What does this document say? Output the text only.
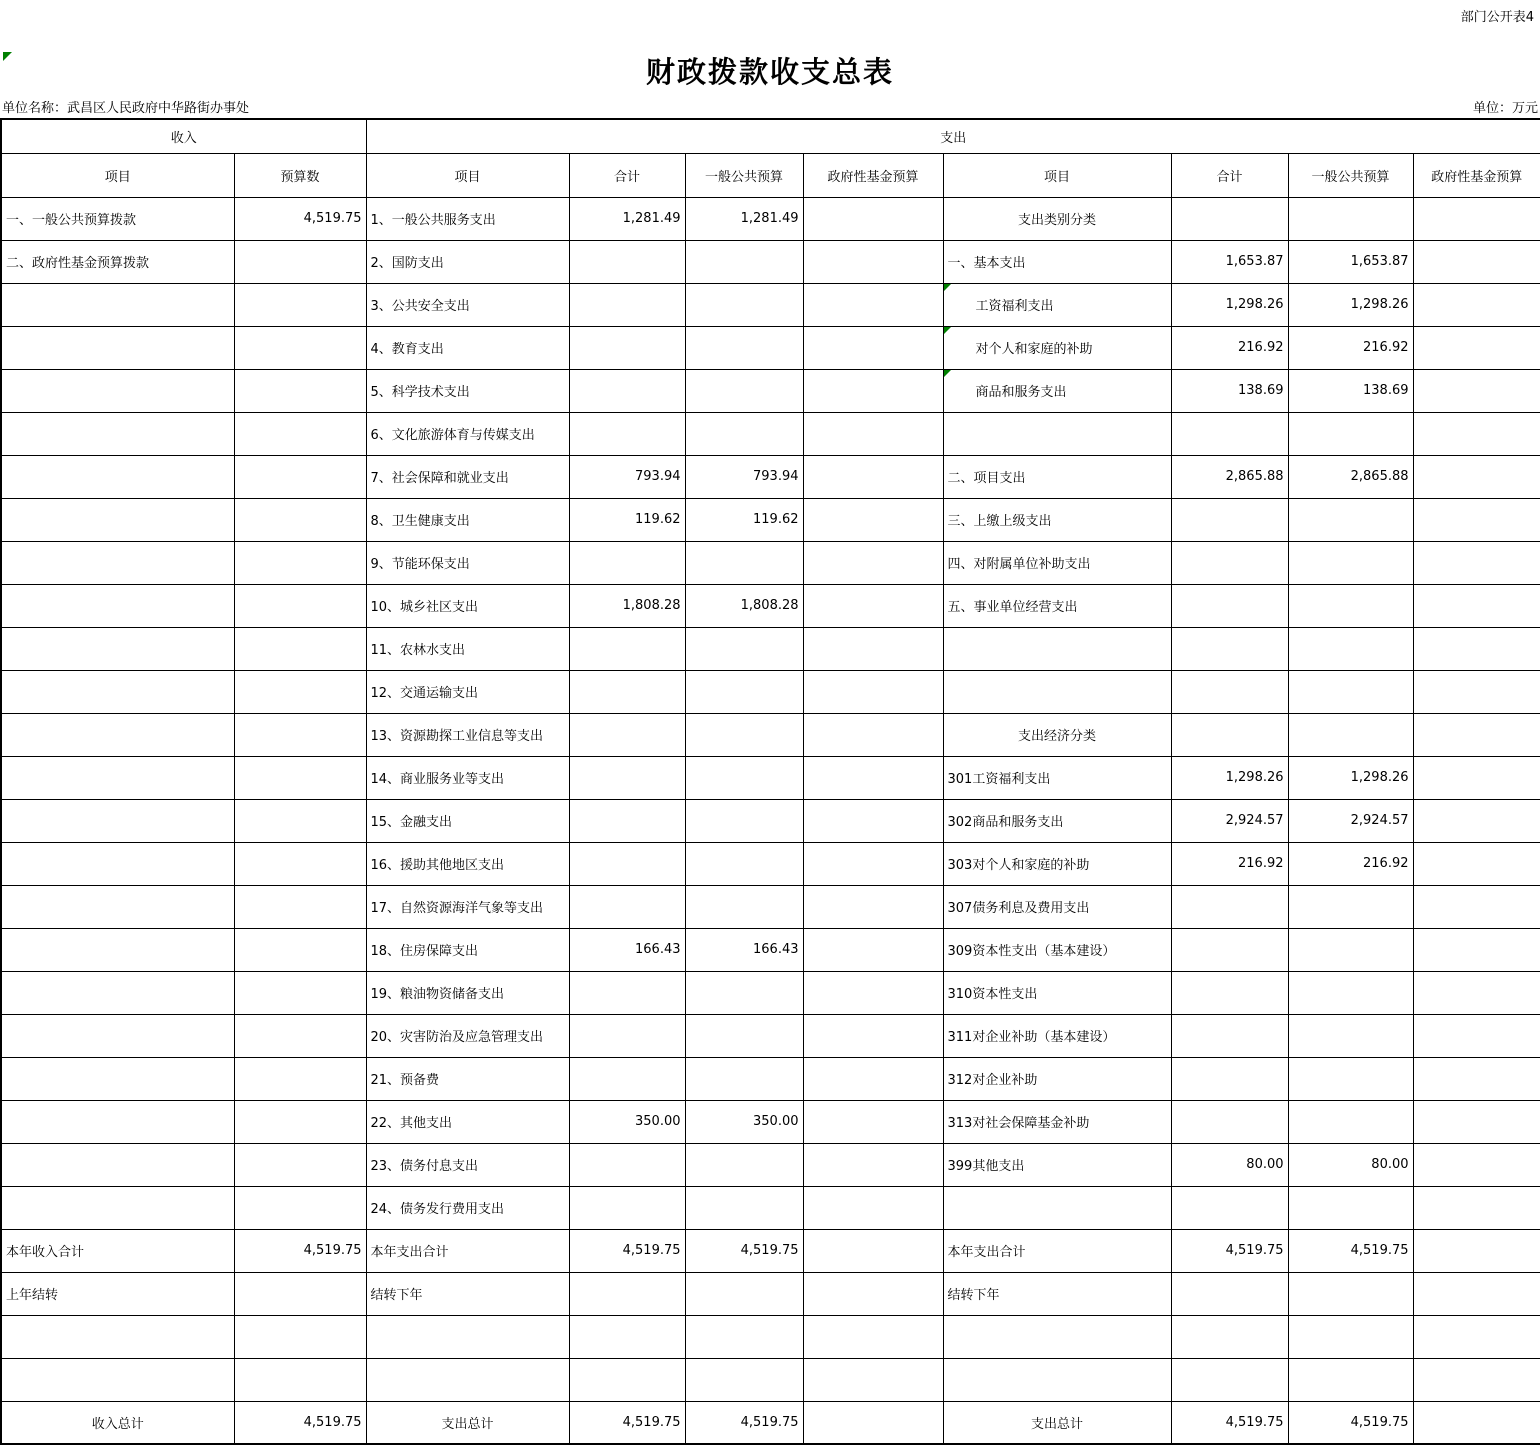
部门公开表4
财政拨款收支总表
单位名称：武昌区人民政府中华路街办事处	单位：万元
收入		支出							
项目	预算数	项目	合计	一般公共预算	政府性基金预算	项目	合计	一般公共预算	政府性基金预算
一、一般公共预算拨款	4,519.75	1、一般公共服务支出	1,281.49	1,281.49		支出类别分类			
二、政府性基金预算拨款		2、国防支出				一、基本支出	1,653.87	1,653.87	
		3、公共安全支出				工资福利支出	1,298.26	1,298.26	
		4、教育支出				对个人和家庭的补助	216.92	216.92	
		5、科学技术支出				商品和服务支出	138.69	138.69	
		6、文化旅游体育与传媒支出							
		7、社会保障和就业支出	793.94	793.94		二、项目支出	2,865.88	2,865.88	
		8、卫生健康支出	119.62	119.62		三、上缴上级支出			
		9、节能环保支出				四、对附属单位补助支出			
		10、城乡社区支出	1,808.28	1,808.28		五、事业单位经营支出			
		11、农林水支出							
		12、交通运输支出							
		13、资源勘探工业信息等支出				支出经济分类			
		14、商业服务业等支出				301工资福利支出	1,298.26	1,298.26	
		15、金融支出				302商品和服务支出	2,924.57	2,924.57	
		16、援助其他地区支出				303对个人和家庭的补助	216.92	216.92	
		17、自然资源海洋气象等支出				307债务利息及费用支出			
		18、住房保障支出	166.43	166.43		309资本性支出（基本建设）			
		19、粮油物资储备支出				310资本性支出			
		20、灾害防治及应急管理支出				311对企业补助（基本建设）			
		21、预备费				312对企业补助			
		22、其他支出	350.00	350.00		313对社会保障基金补助			
		23、债务付息支出				399其他支出	80.00	80.00	
		24、债务发行费用支出							
本年收入合计	4,519.75	本年支出合计	4,519.75	4,519.75		本年支出合计	4,519.75	4,519.75	
上年结转		结转下年				结转下年			

收入总计	4,519.75	支出总计	4,519.75	4,519.75		支出总计	4,519.75	4,519.75	
